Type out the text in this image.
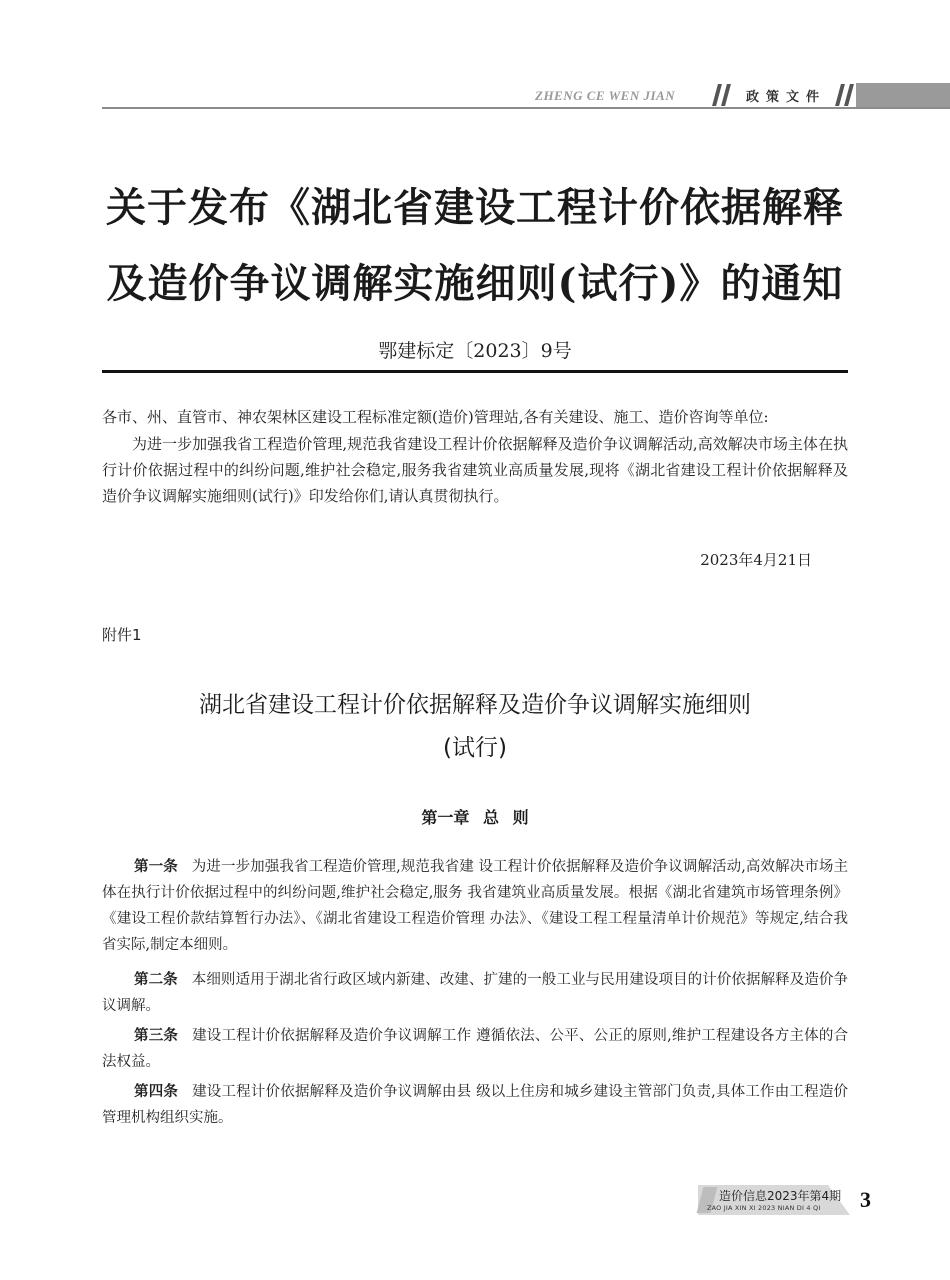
ZHENG CE WEN JIAN	政策文件
关于发布《湖北省建设工程计价依据解释
及造价争议调解实施细则(试行)》的通知
鄂建标定〔2023〕9号
各市、州、直管市、神农架林区建设工程标准定额(造价)管理站,各有关建设、施工、造价咨询等单位:
为进一步加强我省工程造价管理,规范我省建设工程计价依据解释及造价争议调解活动,高效解决市场主体在执行计价依据过程中的纠纷问题,维护社会稳定,服务我省建筑业高质量发展,现将《湖北省建设工程计价依据解释及造价争议调解实施细则(试行)》印发给你们,请认真贯彻执行。
2023年4月21日
附件1
湖北省建设工程计价依据解释及造价争议调解实施细则
(试行)
第一章 总 则
第一条 为进一步加强我省工程造价管理,规范我省建 设工程计价依据解释及造价争议调解活动,高效解决市场主 体在执行计价依据过程中的纠纷问题,维护社会稳定,服务 我省建筑业高质量发展。根据《湖北省建筑市场管理条例》《建设工程价款结算暂行办法》、《湖北省建设工程造价管理 办法》、《建设工程工程量清单计价规范》等规定,结合我省实际,制定本细则。
第二条 本细则适用于湖北省行政区域内新建、改建、扩建的一般工业与民用建设项目的计价依据解释及造价争议调解。
第三条 建设工程计价依据解释及造价争议调解工作 遵循依法、公平、公正的原则,维护工程建设各方主体的合法权益。
第四条 建设工程计价依据解释及造价争议调解由县 级以上住房和城乡建设主管部门负责,具体工作由工程造价管理机构组织实施。
造价信息2023年第4期
ZAO JIA XIN XI 2023 NIAN DI 4 QI 3
